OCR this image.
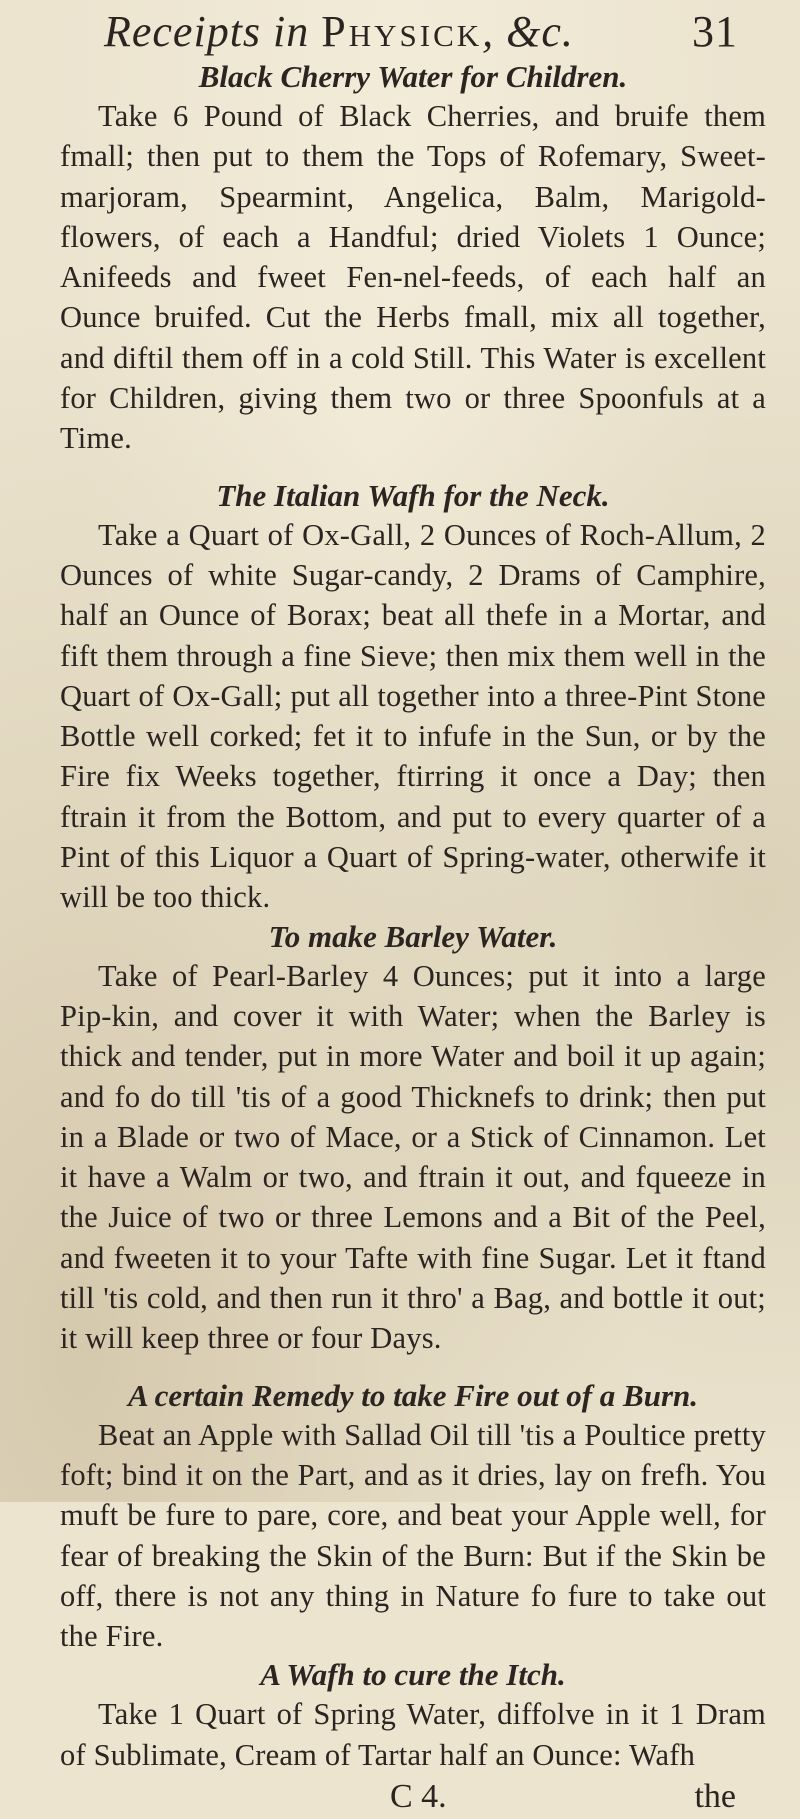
Receipts in Physick, &c.	31
Black Cherry Water for Children.

Take 6 Pound of Black Cherries, and bruife them fmall; then put to them the Tops of Rofemary, Sweet-marjoram, Spearmint, Angelica, Balm, Marigold-flowers, of each a Handful; dried Violets 1 Ounce; Anifeeds and fweet Fen-nel-feeds, of each half an Ounce bruifed. Cut the Herbs fmall, mix all together, and diftil them off in a cold Still. This Water is excellent for Children, giving them two or three Spoonfuls at a Time.

The Italian Wafh for the Neck.

Take a Quart of Ox-Gall, 2 Ounces of Roch-Allum, 2 Ounces of white Sugar-candy, 2 Drams of Camphire, half an Ounce of Borax; beat all thefe in a Mortar, and fift them through a fine Sieve; then mix them well in the Quart of Ox-Gall; put all together into a three-Pint Stone Bottle well corked; fet it to infufe in the Sun, or by the Fire fix Weeks together, ftirring it once a Day; then ftrain it from the Bottom, and put to every quarter of a Pint of this Liquor a Quart of Spring-water, otherwife it will be too thick.

To make Barley Water.

Take of Pearl-Barley 4 Ounces; put it into a large Pip-kin, and cover it with Water; when the Barley is thick and tender, put in more Water and boil it up again; and fo do till 'tis of a good Thicknefs to drink; then put in a Blade or two of Mace, or a Stick of Cinnamon. Let it have a Walm or two, and ftrain it out, and fqueeze in the Juice of two or three Lemons and a Bit of the Peel, and fweeten it to your Tafte with fine Sugar. Let it ftand till 'tis cold, and then run it thro' a Bag, and bottle it out; it will keep three or four Days.

A certain Remedy to take Fire out of a Burn.

Beat an Apple with Sallad Oil till 'tis a Poultice pretty foft; bind it on the Part, and as it dries, lay on frefh. You muft be fure to pare, core, and beat your Apple well, for fear of breaking the Skin of the Burn: But if the Skin be off, there is not any thing in Nature fo fure to take out the Fire.

A Wafh to cure the Itch.

Take 1 Quart of Spring Water, diffolve in it 1 Dram of Sublimate, Cream of Tartar half an Ounce: Wafh

C 4.	the
